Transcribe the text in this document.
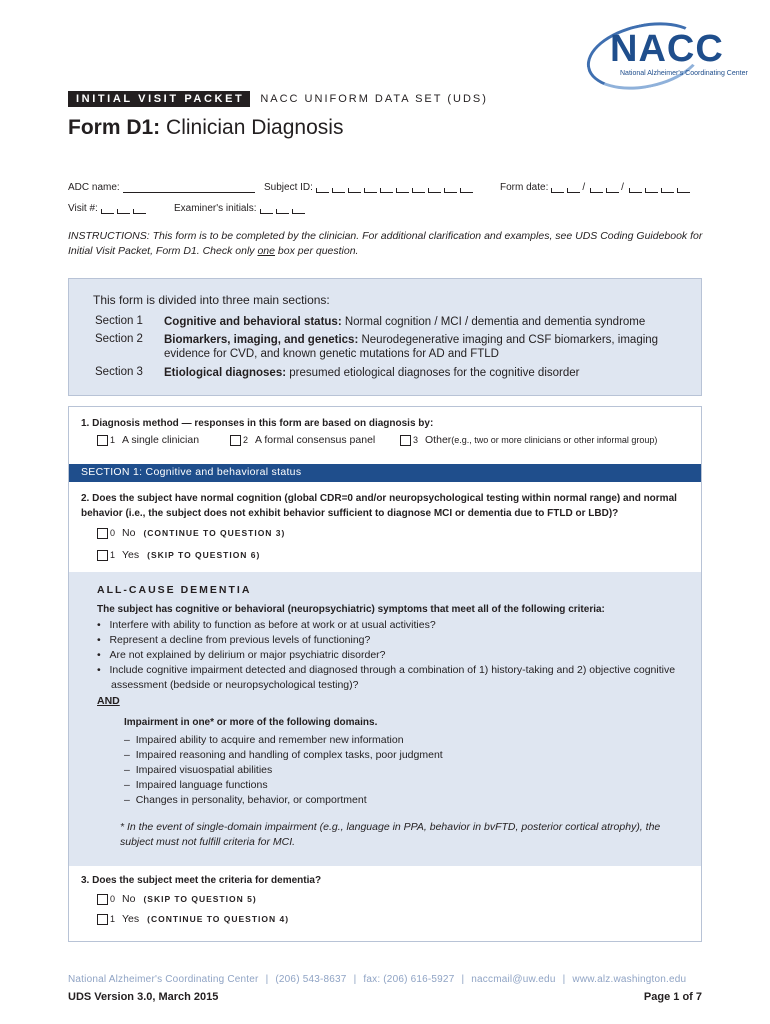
NACC
National Alzheimer's Coordinating Center
INITIAL VISIT PACKET	NACC UNIFORM DATA SET (UDS)
Form D1: Clinician Diagnosis
ADC name:	Subject ID:	Form date:	/	/
Visit #:	Examiner's initials:
INSTRUCTIONS: This form is to be completed by the clinician. For additional clarification and examples, see UDS Coding Guidebook for Initial Visit Packet, Form D1. Check only one box per question.
This form is divided into three main sections:
Section 1	Cognitive and behavioral status: Normal cognition / MCI / dementia and dementia syndrome
Section 2	Biomarkers, imaging, and genetics: Neurodegenerative imaging and CSF biomarkers, imaging evidence for CVD, and known genetic mutations for AD and FTLD
Section 3	Etiological diagnoses: presumed etiological diagnoses for the cognitive disorder
1. Diagnosis method — responses in this form are based on diagnosis by:
1 A single clinician	2 A formal consensus panel	3 Other (e.g., two or more clinicians or other informal group)
SECTION 1: Cognitive and behavioral status
2. Does the subject have normal cognition (global CDR=0 and/or neuropsychological testing within normal range) and normal behavior (i.e., the subject does not exhibit behavior sufficient to diagnose MCI or dementia due to FTLD or LBD)?
0 No (CONTINUE TO QUESTION 3)
1 Yes (SKIP TO QUESTION 6)
ALL-CAUSE DEMENTIA
The subject has cognitive or behavioral (neuropsychiatric) symptoms that meet all of the following criteria:
• Interfere with ability to function as before at work or at usual activities?
• Represent a decline from previous levels of functioning?
• Are not explained by delirium or major psychiatric disorder?
• Include cognitive impairment detected and diagnosed through a combination of 1) history-taking and 2) objective cognitive assessment (bedside or neuropsychological testing)?
AND
Impairment in one* or more of the following domains.
– Impaired ability to acquire and remember new information
– Impaired reasoning and handling of complex tasks, poor judgment
– Impaired visuospatial abilities
– Impaired language functions
– Changes in personality, behavior, or comportment
* In the event of single-domain impairment (e.g., language in PPA, behavior in bvFTD, posterior cortical atrophy), the subject must not fulfill criteria for MCI.
3. Does the subject meet the criteria for dementia?
0 No (SKIP TO QUESTION 5)
1 Yes (CONTINUE TO QUESTION 4)
National Alzheimer's Coordinating Center | (206) 543-8637 | fax: (206) 616-5927 | naccmail@uw.edu | www.alz.washington.edu
UDS Version 3.0, March 2015	Page 1 of 7
